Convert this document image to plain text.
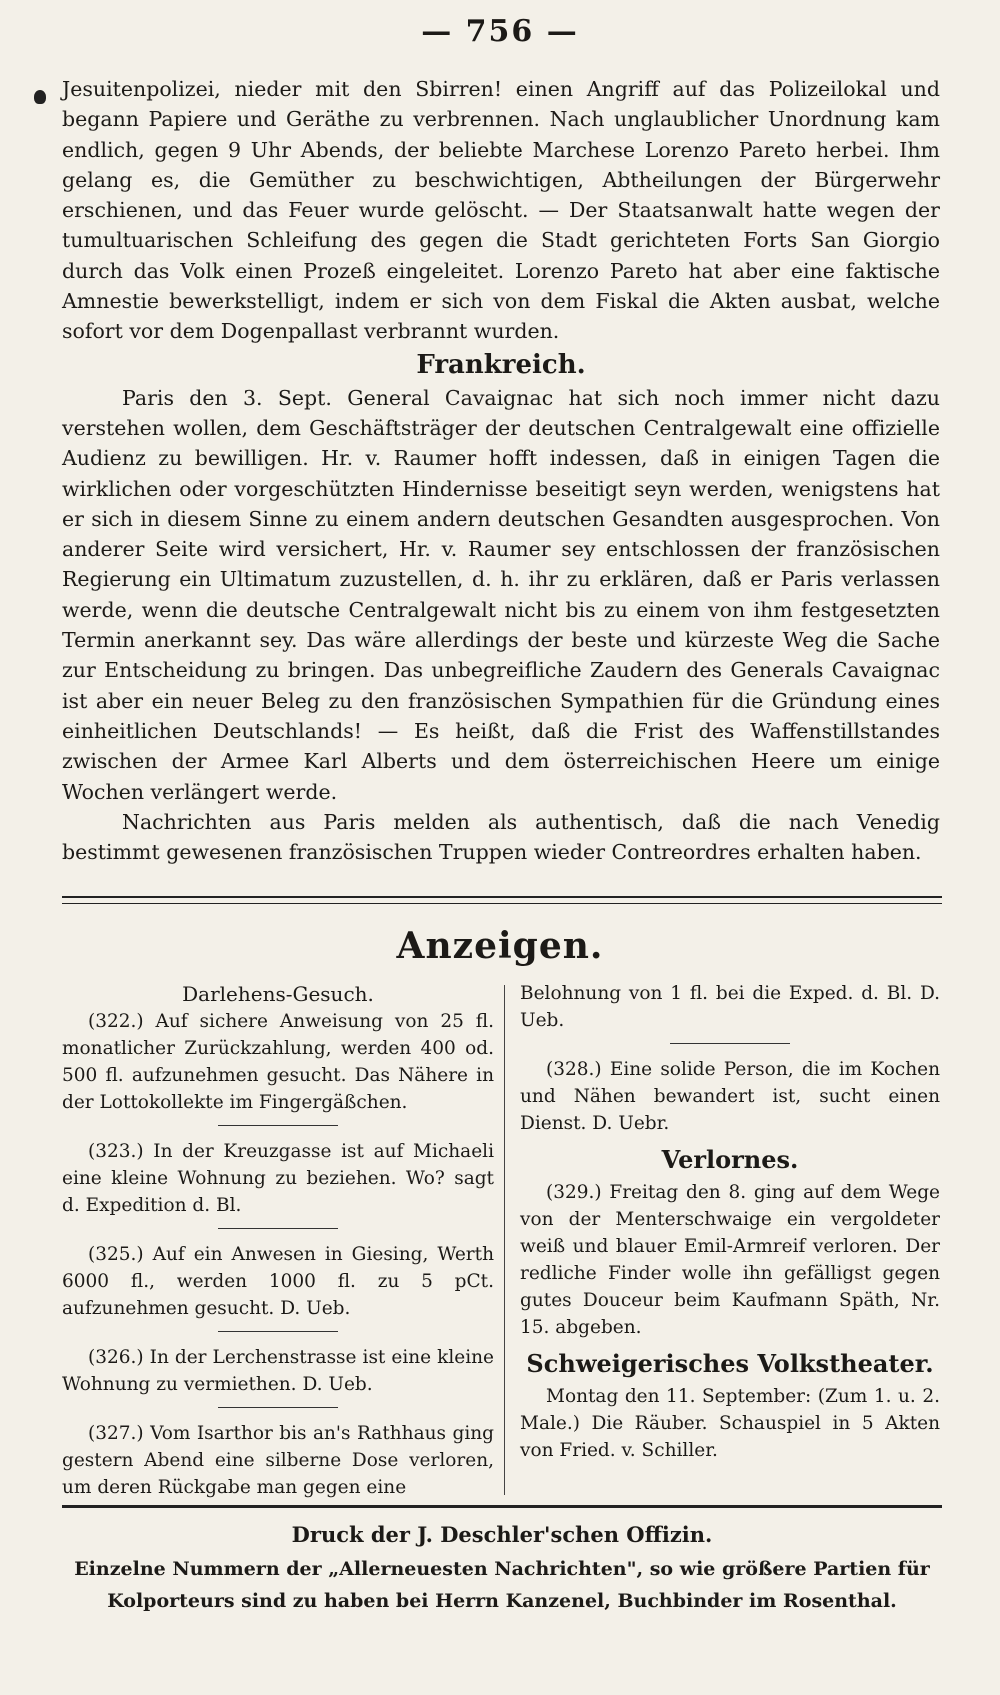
— 756 —

Jesuitenpolizei, nieder mit den Sbirren! einen Angriff auf das Polizeilokal und begann Papiere und Geräthe zu verbrennen. Nach unglaublicher Unordnung kam endlich, gegen 9 Uhr Abends, der beliebte Marchese Lorenzo Pareto herbei. Ihm gelang es, die Gemüther zu beschwichtigen, Abtheilungen der Bürgerwehr erschienen, und das Feuer wurde gelöscht. — Der Staatsanwalt hatte wegen der tumultuarischen Schleifung des gegen die Stadt gerichteten Forts San Giorgio durch das Volk einen Prozeß eingeleitet. Lorenzo Pareto hat aber eine faktische Amnestie bewerkstelligt, indem er sich von dem Fiskal die Akten ausbat, welche sofort vor dem Dogenpallast verbrannt wurden.

Frankreich.

Paris den 3. Sept. General Cavaignac hat sich noch immer nicht dazu verstehen wollen, dem Geschäftsträger der deutschen Centralgewalt eine offizielle Audienz zu bewilligen. Hr. v. Raumer hofft indessen, daß in einigen Tagen die wirklichen oder vorgeschützten Hindernisse beseitigt seyn werden, wenigstens hat er sich in diesem Sinne zu einem andern deutschen Gesandten ausgesprochen. Von anderer Seite wird versichert, Hr. v. Raumer sey entschlossen der französischen Regierung ein Ultimatum zuzustellen, d. h. ihr zu erklären, daß er Paris verlassen werde, wenn die deutsche Centralgewalt nicht bis zu einem von ihm festgesetzten Termin anerkannt sey. Das wäre allerdings der beste und kürzeste Weg die Sache zur Entscheidung zu bringen. Das unbegreifliche Zaudern des Generals Cavaignac ist aber ein neuer Beleg zu den französischen Sympathien für die Gründung eines einheitlichen Deutschlands! — Es heißt, daß die Frist des Waffenstillstandes zwischen der Armee Karl Alberts und dem österreichischen Heere um einige Wochen verlängert werde.

Nachrichten aus Paris melden als authentisch, daß die nach Venedig bestimmt gewesenen französischen Truppen wieder Contreordres erhalten haben.

Anzeigen.

Darlehens-Gesuch.

(322.) Auf sichere Anweisung von 25 fl. monatlicher Zurückzahlung, werden 400 od. 500 fl. aufzunehmen gesucht. Das Nähere in der Lottokollekte im Fingergäßchen.

(323.) In der Kreuzgasse ist auf Michaeli eine kleine Wohnung zu beziehen. Wo? sagt d. Expedition d. Bl.

(325.) Auf ein Anwesen in Giesing, Werth 6000 fl., werden 1000 fl. zu 5 pCt. aufzunehmen gesucht. D. Ueb.

(326.) In der Lerchenstrasse ist eine kleine Wohnung zu vermiethen. D. Ueb.

(327.) Vom Isarthor bis an's Rathhaus ging gestern Abend eine silberne Dose verloren, um deren Rückgabe man gegen eine

Belohnung von 1 fl. bei die Exped. d. Bl. D. Ueb.

(328.) Eine solide Person, die im Kochen und Nähen bewandert ist, sucht einen Dienst. D. Uebr.

Verlornes.

(329.) Freitag den 8. ging auf dem Wege von der Menterschwaige ein vergoldeter weiß und blauer Emil-Armreif verloren. Der redliche Finder wolle ihn gefälligst gegen gutes Douceur beim Kaufmann Späth, Nr. 15. abgeben.

Schweigerisches Volkstheater.

Montag den 11. September: (Zum 1. u. 2. Male.) Die Räuber. Schauspiel in 5 Akten von Fried. v. Schiller.

Druck der J. Deschler'schen Offizin.
Einzelne Nummern der „Allerneuesten Nachrichten", so wie größere Partien für
Kolporteurs sind zu haben bei Herrn Kanzenel, Buchbinder im Rosenthal.
